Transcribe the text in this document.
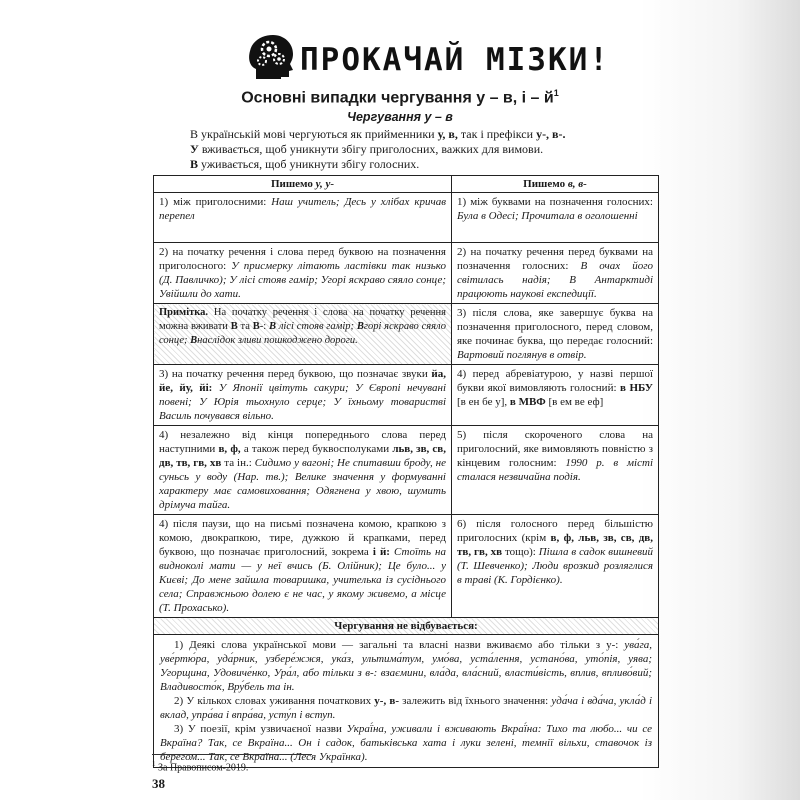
ПРОКАЧАЙ МІЗКИ!
Основні випадки чергування у – в, і – $й^1$
Чергування у – в
В українській мові чергуються як прийменники у, в, так і префікси у-, в-.
У вживається, щоб уникнути збігу приголосних, важких для вимови.
В уживається, щоб уникнути збігу голосних.
Пишемо у, у-	Пишемо в, в-
1) між приголосними: Наш учитель; Десь у хлібах кричав перепел	1) між буквами на позначення голосних: Була в Одесі; Прочитала в оголошенні
2) на початку речення і слова перед буквою на позначення приголосного: У присмерку літають ластівки так низько (Д. Павличко); У лісі стояв гамір; Угорі яскраво сяяло сонце; Увійшли до хати.	2) на початку речення перед буквами на позначення голосних: В очах його світилась надія; В Антарктиді працюють наукові експедиції.
Примітка. На початку речення і слова на початку речення можна вживати В та В-: В лісі стояв гамір; Вгорі яскраво сяяло сонце; Внаслідок зливи пошкоджено дороги.	3) після слова, яке завершує буква на позначення приголосного, перед словом, яке починає буква, що передає голосний: Вартовий поглянув в отвір.
3) на початку речення перед буквою, що позначає звуки йа, йе, йу, йі: У Японії цвітуть сакури; У Європі нечувані повені; У Юрія тьохнуло серце; У їхньому товаристві Василь почувався вільно.	4) перед абревіатурою, у назві першої букви якої вимовляють голосний: в НБУ [в ен бе у], в МВФ [в ем ве еф]
4) незалежно від кінця попереднього слова перед наступними в, ф, а також перед буквосполуками льв, зв, св, дв, тв, гв, хв та ін.: Сидимо у вагоні; Не спитавши броду, не суньсь у воду (Нар. тв.); Велике значення у формуванні характеру має самовиховання; Одягнена у хвою, шумить дрімуча тайга.	5) після скороченого слова на приголосний, яке вимовляють повністю з кінцевим голосним: 1990 р. в місті сталася незвичайна подія.
4) після паузи, що на письмі позначена комою, крапкою з комою, двокрапкою, тире, дужкою й крапками, перед буквою, що позначає приголосний, зокрема і й: Стоїть на видноколі мати — у неї вчись (Б. Олійник); Це було... у Києві; До мене зайшла товаришка, учителька із сусіднього села; Справжньою долею є не час, у якому живемо, а місце (Т. Прохасько).	6) після голосного перед більшістю приголосних (крім в, ф, льв, зв, св, дв, тв, гв, хв тощо): Пішла в садок вишневий (Т. Шевченко); Люди врозкид розляглися в траві (К. Гордієнко).
Чергування не відбувається:	

1) Деякі слова української мови — загальні та власні назви вживаємо або тільки з у-: ува́га, уве́ртю́ра, уда́рник, узбере́жжя, ука́з, ультима́тум, умо́ва, уста́лення, устано́ва, уто́пія, уява; Угорщина, Удовиче́нко, Ура́л, або тільки з в-: взаємини, вла́да, вла́сний, власти́вість, вплив, впливо́вий; Владивосто́к, Вру́бель та ін.

2) У кількох словах уживання початкових у-, в- залежить від їхнього значення: уда́ча і вда́ча, укла́д і вклад, упра́ва і впра́ва, усту́п і вступ.

3) У поезії, крім узвичаєної назви Украї́на, уживали і вживають Вкраї́на: Тихо та любо... чи се Вкраїна? Так, се Вкраїна... Он і садок, батьківська хата і луки зелені, темнії вільхи, ставочок із берегом... Так, се Вкраїна... (Леся Українка).	

$^1$ За Правописом-2019.
38
